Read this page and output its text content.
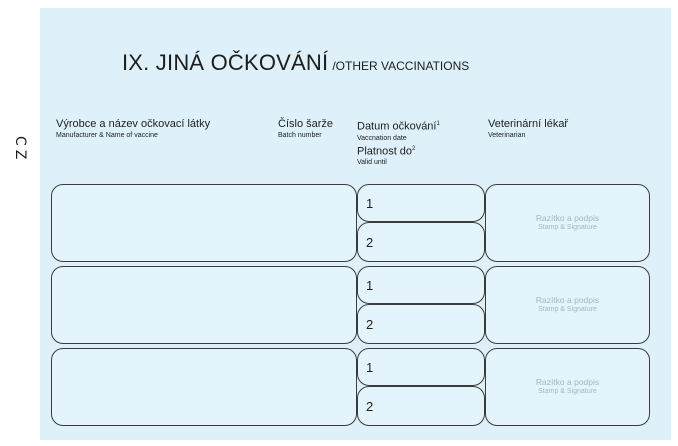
CZ
IX. JINÁ OČKOVÁNÍ /OTHER VACCINATIONS
Výrobce a název očkovací látky
Manufacturer & Name of vaccine
Číslo šarže
Batch number
Datum očkování$^1$
Vaccnation date
Platnost $do^2$
Valid until
Veterinární lékař
Veterinarian
1
2
Razítko a podpis
Stamp & Signature
1
2
Razítko a podpis
Stamp & Signature
1
2
Razítko a podpis
Stamp & Signature
